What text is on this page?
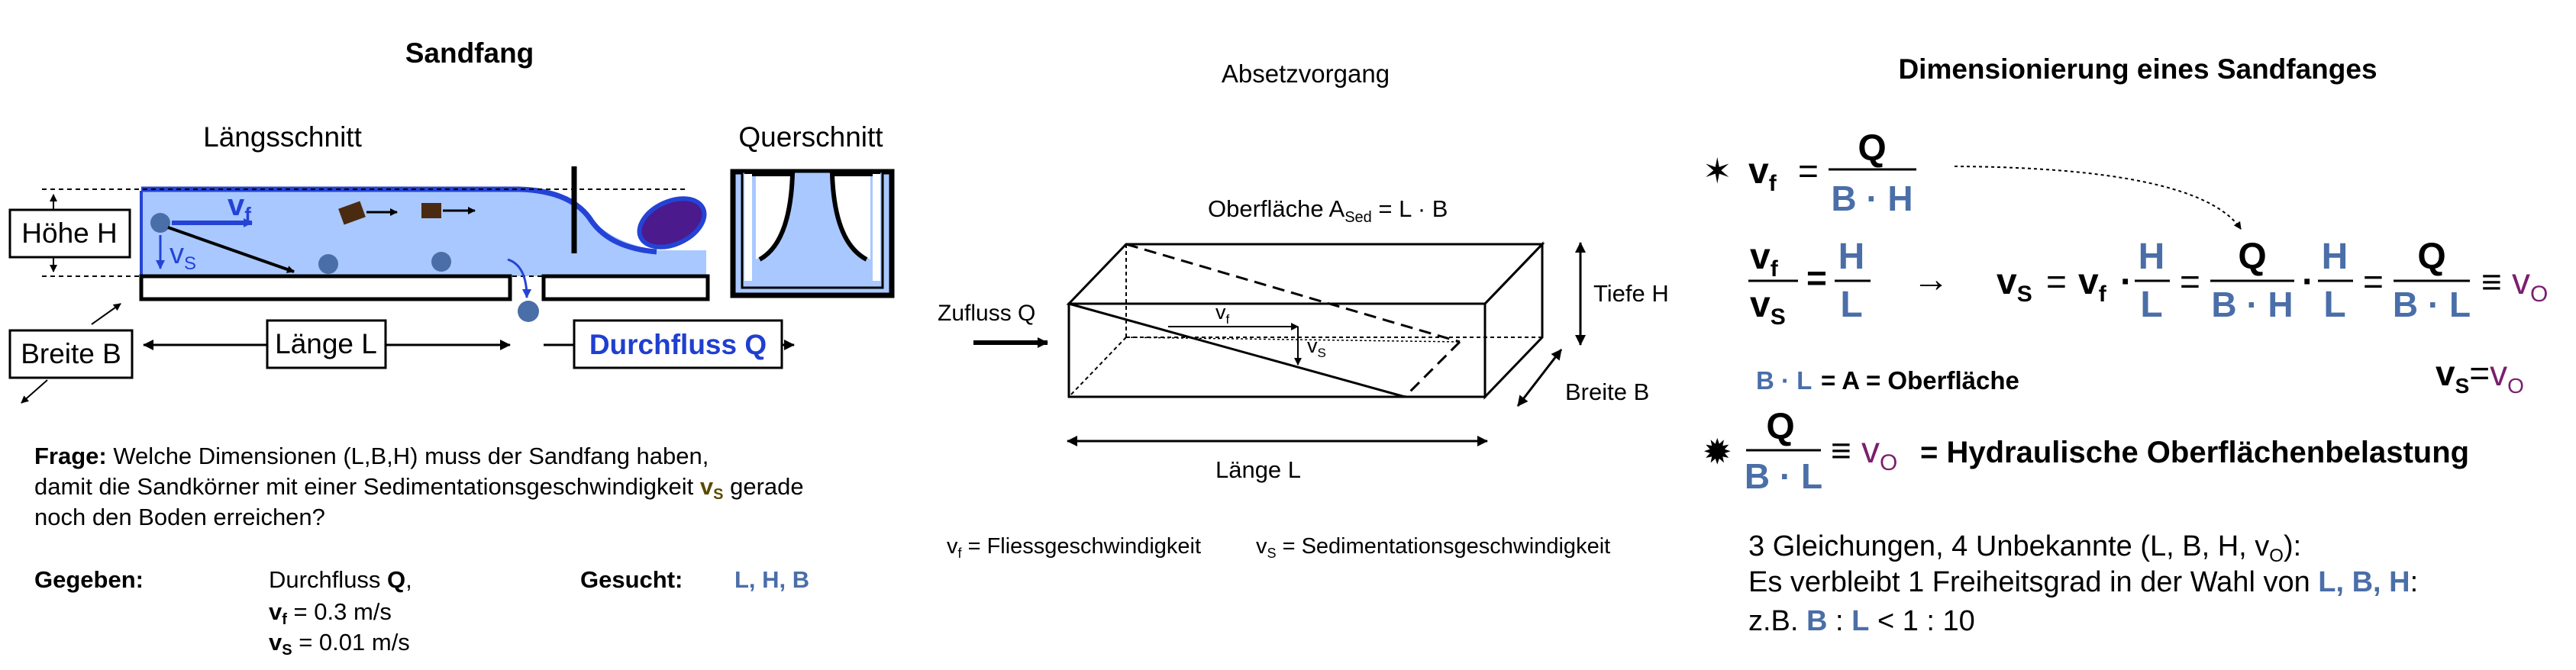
Sandfang
Längsschnitt	Querschnitt
$v_f$
$v_S$
Höhe H
Breite B	Länge L	Durchfluss Q
Frage: Welche Dimensionen (L,B,H) muss der Sandfang haben,
damit die Sandkörner mit einer Sedimentationsgeschwindigkeit vS gerade
noch den Boden erreichen?
Gegeben:	Durchfluss Q,
vf = 0.3 m/s
vS = 0.01 m/s
Gesucht: L, H, B
Absetzvorgang
Oberfläche $A_{Sed} = L \cdot B$
$v_f$
$v_S$
Zufluss Q
Tiefe H
Breite B
Länge L
$v_f$ = Fliessgeschwindigkeit $v_S$ = Sedimentationsgeschwindigkeit
Dimensionierung eines Sandfanges
✶ $v_f$ =
Q
B · H
$v_f$
$v_S$
=
H
L
→ $v_S = v_f$ ·
H
L
=
Q
B · H
·
H
L
=
Q
B · L
≡ $v_O$
B · L = A = Oberfläche	$v_S=v_O$
✹
Q
B · L
≡ $v_O$ = Hydraulische Oberflächenbelastung
3 Gleichungen, 4 Unbekannte (L, B, H, $v_O$):
Es verbleibt 1 Freiheitsgrad in der Wahl von L, B, H:
z.B. B : L < 1 : 10
